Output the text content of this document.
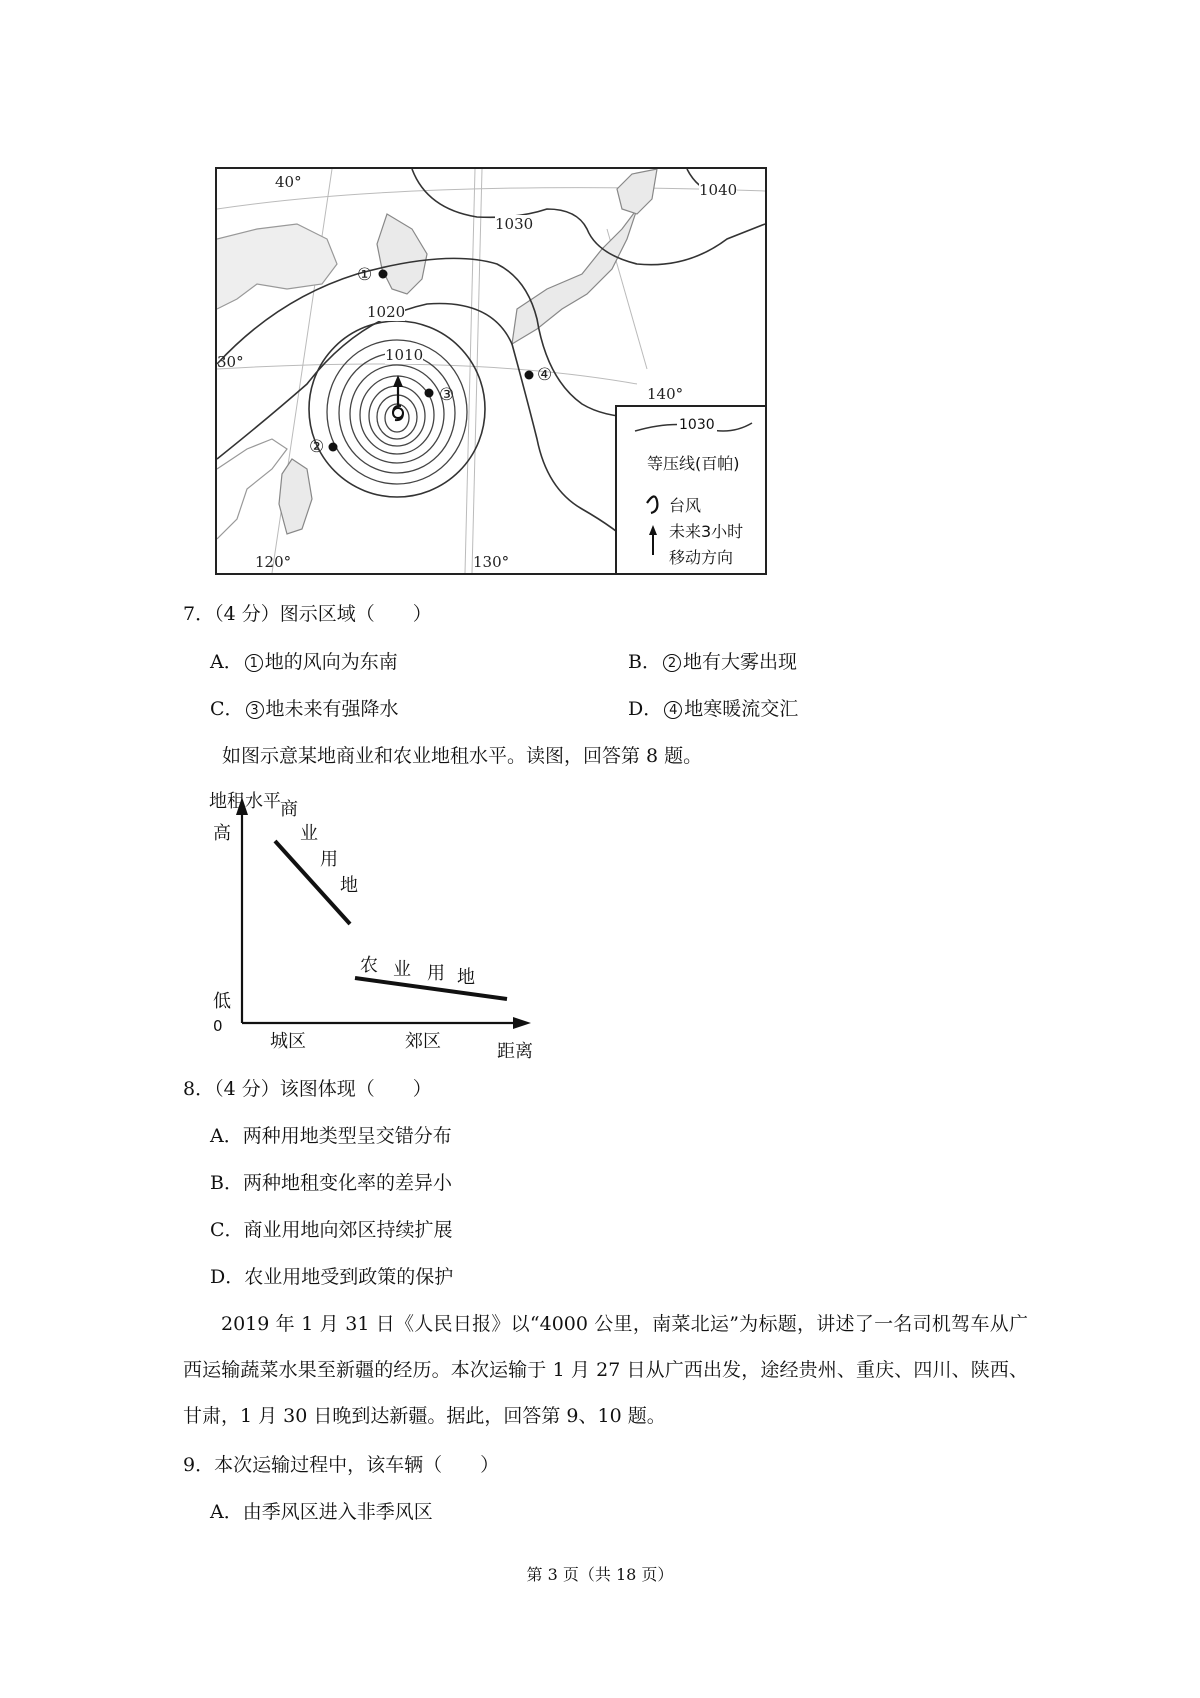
40°
30°
120°	130°
140°
1040
1030
1020
1010
①
②
③
④
1030
等压线(百帕)
台风
未来3小时
移动方向
7．（4 分）图示区域（　　）
A． 1 地的风向为东南	B． 2 地有大雾出现
C． 3 地未来有强降水	D． 4 地寒暖流交汇
如图示意某地商业和农业地租水平。读图，回答第 8 题。
地租水平
高
低
0
城区	郊区	距离
商
业
用
地
农 业 用 地
8．（4 分）该图体现（　　）
A．两种用地类型呈交错分布
B．两种地租变化率的差异小
C．商业用地向郊区持续扩展
D．农业用地受到政策的保护
2019 年 1 月 31 日《人民日报》以“4000 公里，南菜北运”为标题，讲述了一名司机驾车从广西运输蔬菜水果至新疆的经历。本次运输于 1 月 27 日从广西出发，途经贵州、重庆、四川、陕西、甘肃，1 月 30 日晚到达新疆。据此，回答第 9、10 题。
9．本次运输过程中，该车辆（　　）
A．由季风区进入非季风区
第 3 页（共 18 页）
